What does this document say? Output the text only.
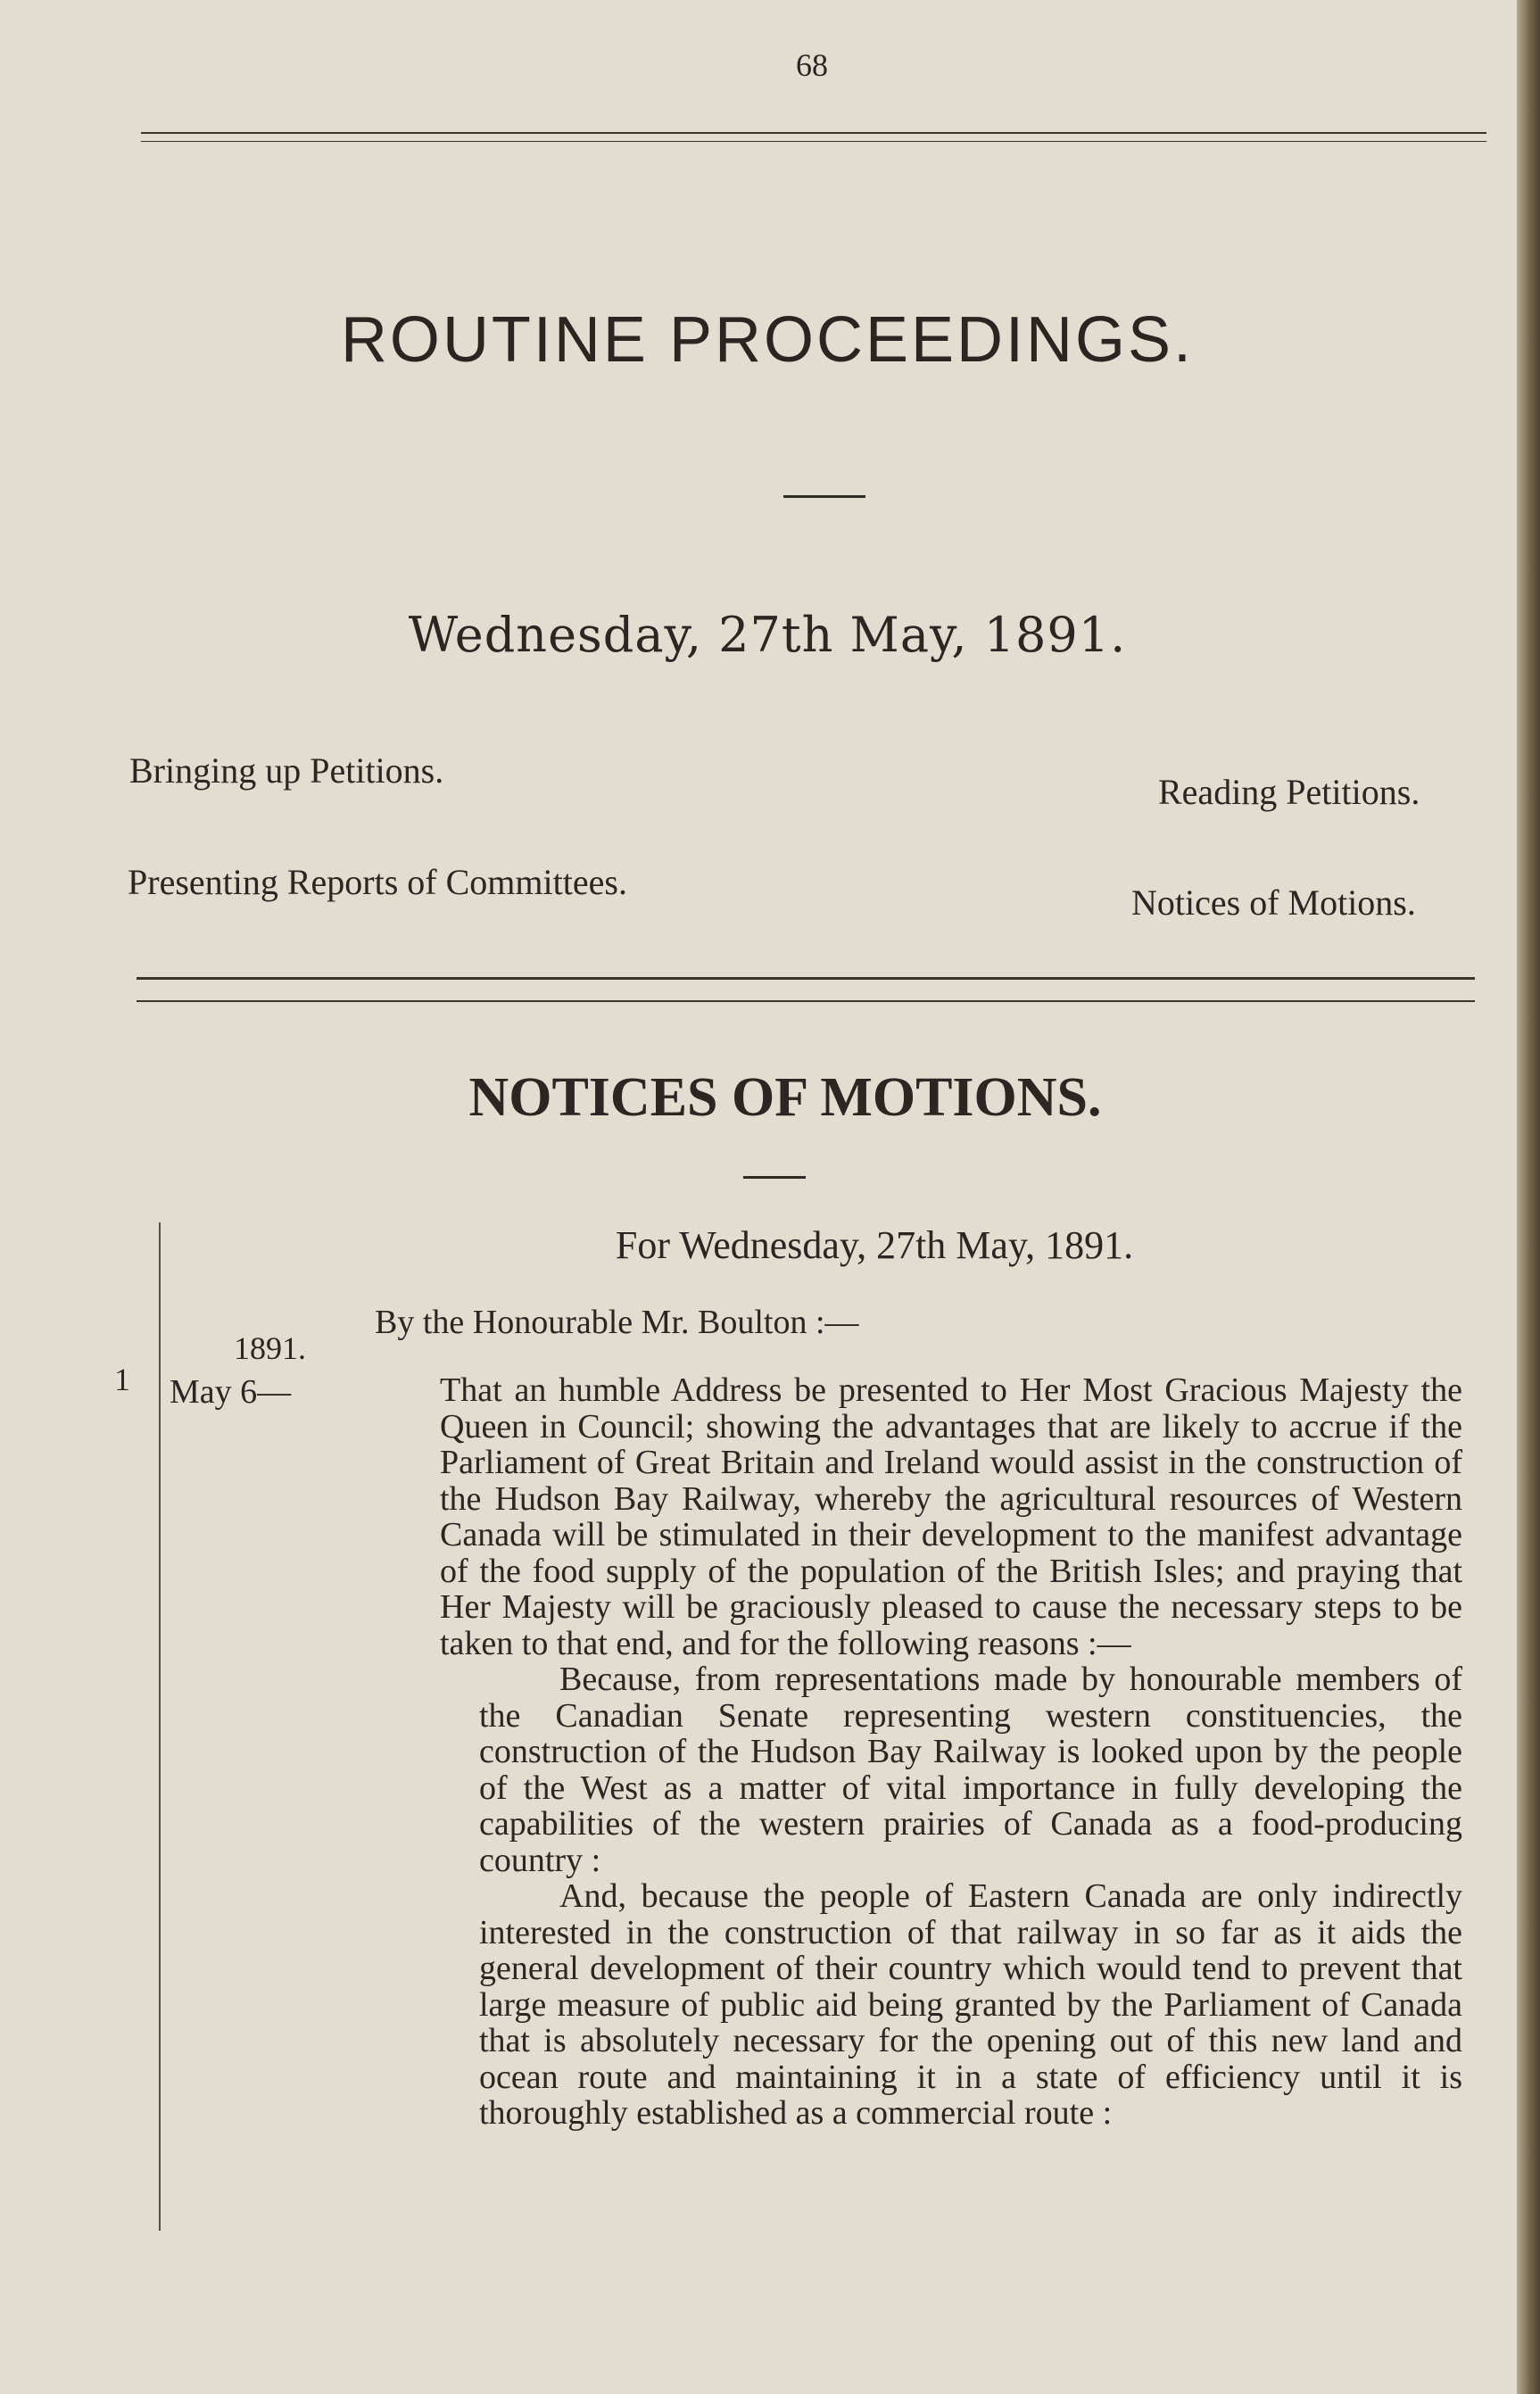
68
ROUTINE PROCEEDINGS.
Wednesday, 27th May, 1891.
Bringing up Petitions.
Reading Petitions.
Presenting Reports of Committees.
Notices of Motions.
NOTICES OF MOTIONS.
For Wednesday, 27th May, 1891.
By the Honourable Mr. Boulton :—
1891.
1 May 6—	That an humble Address be presented to Her Most Gracious Majesty the Queen in Council; showing the advantages that are likely to accrue if the Parliament of Great Britain and Ireland would assist in the construction of the Hudson Bay Railway, whereby the agricultural resources of Western Canada will be stimulated in their development to the manifest advantage of the food supply of the population of the British Isles; and praying that Her Majesty will be graciously pleased to cause the necessary steps to be taken to that end, and for the following reasons :—

Because, from representations made by honourable members of the Canadian Senate representing western constituencies, the construction of the Hudson Bay Railway is looked upon by the people of the West as a matter of vital importance in fully developing the capabilities of the western prairies of Canada as a food-producing country :

And, because the people of Eastern Canada are only indirectly interested in the construction of that railway in so far as it aids the general development of their country which would tend to prevent that large measure of public aid being granted by the Parliament of Canada that is absolutely necessary for the opening out of this new land and ocean route and maintaining it in a state of efficiency until it is thoroughly established as a commercial route :
